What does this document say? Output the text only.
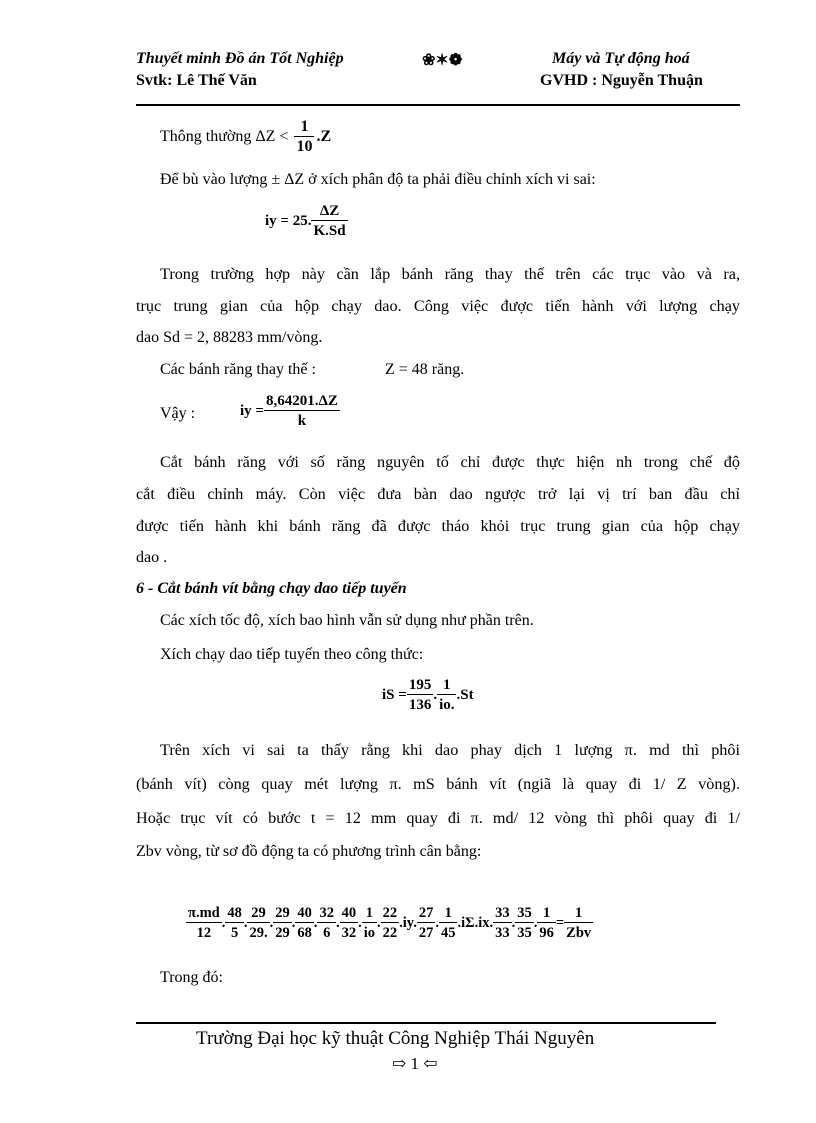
Thuyết minh Đồ án Tốt Nghiệp	❀✶❁	Máy và Tự động hoá
Svtk: Lê Thế Văn	GVHD : Nguyễn Thuận
Thông thường $\Delta Z < \frac{1}{10} .Z$
Để bù vào lượng ± ΔZ ở xích phân độ ta phải điều chỉnh xích vi sai:
iy = 25. $\frac{\Delta Z}{K.Sd}$
Trong trường hợp này cần lắp bánh răng thay thế trên các trục vào và ra,
trục trung gian của hộp chạy dao. Công việc được tiến hành với lượng chạy
dao Sd = 2, 88283 mm/vòng.
Các bánh răng thay thế :	Z = 48 răng.
Vậy :	iy = $\frac{8,64201.\Delta Z}{k}$
Cắt bánh răng với số răng nguyên tố chỉ được thực hiện nh trong chế độ
cắt điều chỉnh máy. Còn việc đưa bàn dao ngược trở lại vị trí ban đầu chỉ
được tiến hành khi bánh răng đã được tháo khỏi trục trung gian của hộp chạy
dao .
6 - Cắt bánh vít bằng chạy dao tiếp tuyến
Các xích tốc độ, xích bao hình vẫn sử dụng như phần trên.
Xích chạy dao tiếp tuyến theo công thức:
iS = $\frac{195}{136}$ . $\frac{1}{io.} .St$
Trên xích vi sai ta thấy rằng khi dao phay dịch 1 lượng π. md thì phôi
(bánh vít) còng quay mét lượng π. mS bánh vít (ngiã là quay đi 1/ Z vòng).
Hoặc trục vít có bước t = 12 mm quay đi π. md/ 12 vòng thì phôi quay đi 1/
Zbv vòng, từ sơ đồ động ta có phương trình cân bằng:
$\frac{\pi.md}{12}$ . $\frac{48}{5}$ . $\frac{29}{29.}$ . $\frac{29}{29}$ . $\frac{40}{68}$ . $\frac{32}{6}$ . $\frac{40}{32}$ . $\frac{1}{io}$ . $\frac{22}{22} .iy$. $\frac{27}{27}$ . $\frac{1}{45} .i\Sigma.ix$. $\frac{33}{33}$ . $\frac{35}{35}$ . $\frac{1}{96} = \frac{1}{\text{Zbv}}$
Trong đó:
Trường Đại học kỹ thuật Công Nghiệp Thái Nguyên
⇨ 1 ⇦
